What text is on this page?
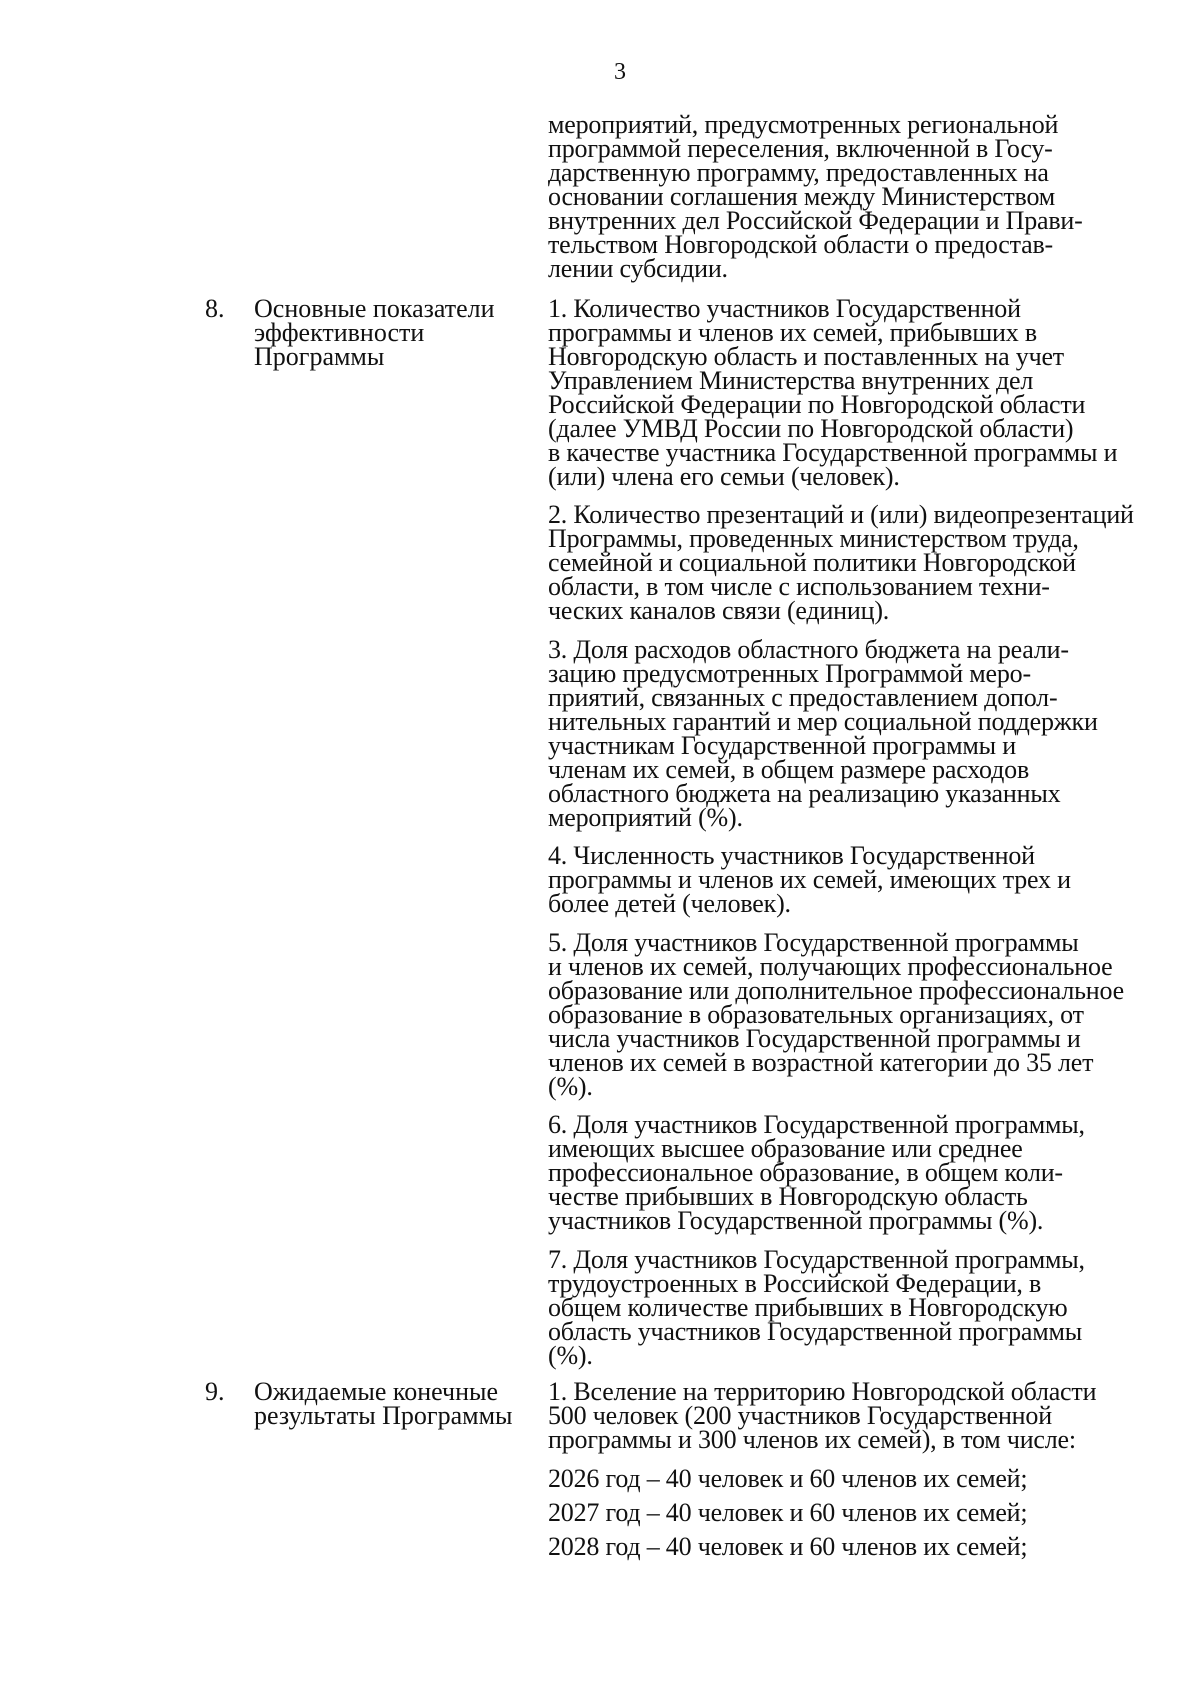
3

мероприятий, предусмотренных региональной
программой переселения, включенной в Госу-
дарственную программу, предоставленных на
основании соглашения между Министерством
внутренних дел Российской Федерации и Прави-
тельством Новгородской области о предостав-
лении субсидии.

8. Основные показатели
эффективности
Программы

1. Количество участников Государственной
программы и членов их семей, прибывших в
Новгородскую область и поставленных на учет
Управлением Министерства внутренних дел
Российской Федерации по Новгородской области
(далее УМВД России по Новгородской области)
в качестве участника Государственной программы и
(или) члена его семьи (человек).

2. Количество презентаций и (или) видеопрезентаций
Программы, проведенных министерством труда,
семейной и социальной политики Новгородской
области, в том числе с использованием техни-
ческих каналов связи (единиц).

3. Доля расходов областного бюджета на реали-
зацию предусмотренных Программой меро-
приятий, связанных с предоставлением допол-
нительных гарантий и мер социальной поддержки
участникам Государственной программы и
членам их семей, в общем размере расходов
областного бюджета на реализацию указанных
мероприятий (%).

4. Численность участников Государственной
программы и членов их семей, имеющих трех и
более детей (человек).

5. Доля участников Государственной программы
и членов их семей, получающих профессиональное
образование или дополнительное профессиональное
образование в образовательных организациях, от
числа участников Государственной программы и
членов их семей в возрастной категории до 35 лет
(%).

6. Доля участников Государственной программы,
имеющих высшее образование или среднее
профессиональное образование, в общем коли-
честве прибывших в Новгородскую область
участников Государственной программы (%).

7. Доля участников Государственной программы,
трудоустроенных в Российской Федерации, в
общем количестве прибывших в Новгородскую
область участников Государственной программы
(%).

9. Ожидаемые конечные
результаты Программы

1. Вселение на территорию Новгородской области
500 человек (200 участников Государственной
программы и 300 членов их семей), в том числе:

2026 год – 40 человек и 60 членов их семей;

2027 год – 40 человек и 60 членов их семей;

2028 год – 40 человек и 60 членов их семей;
